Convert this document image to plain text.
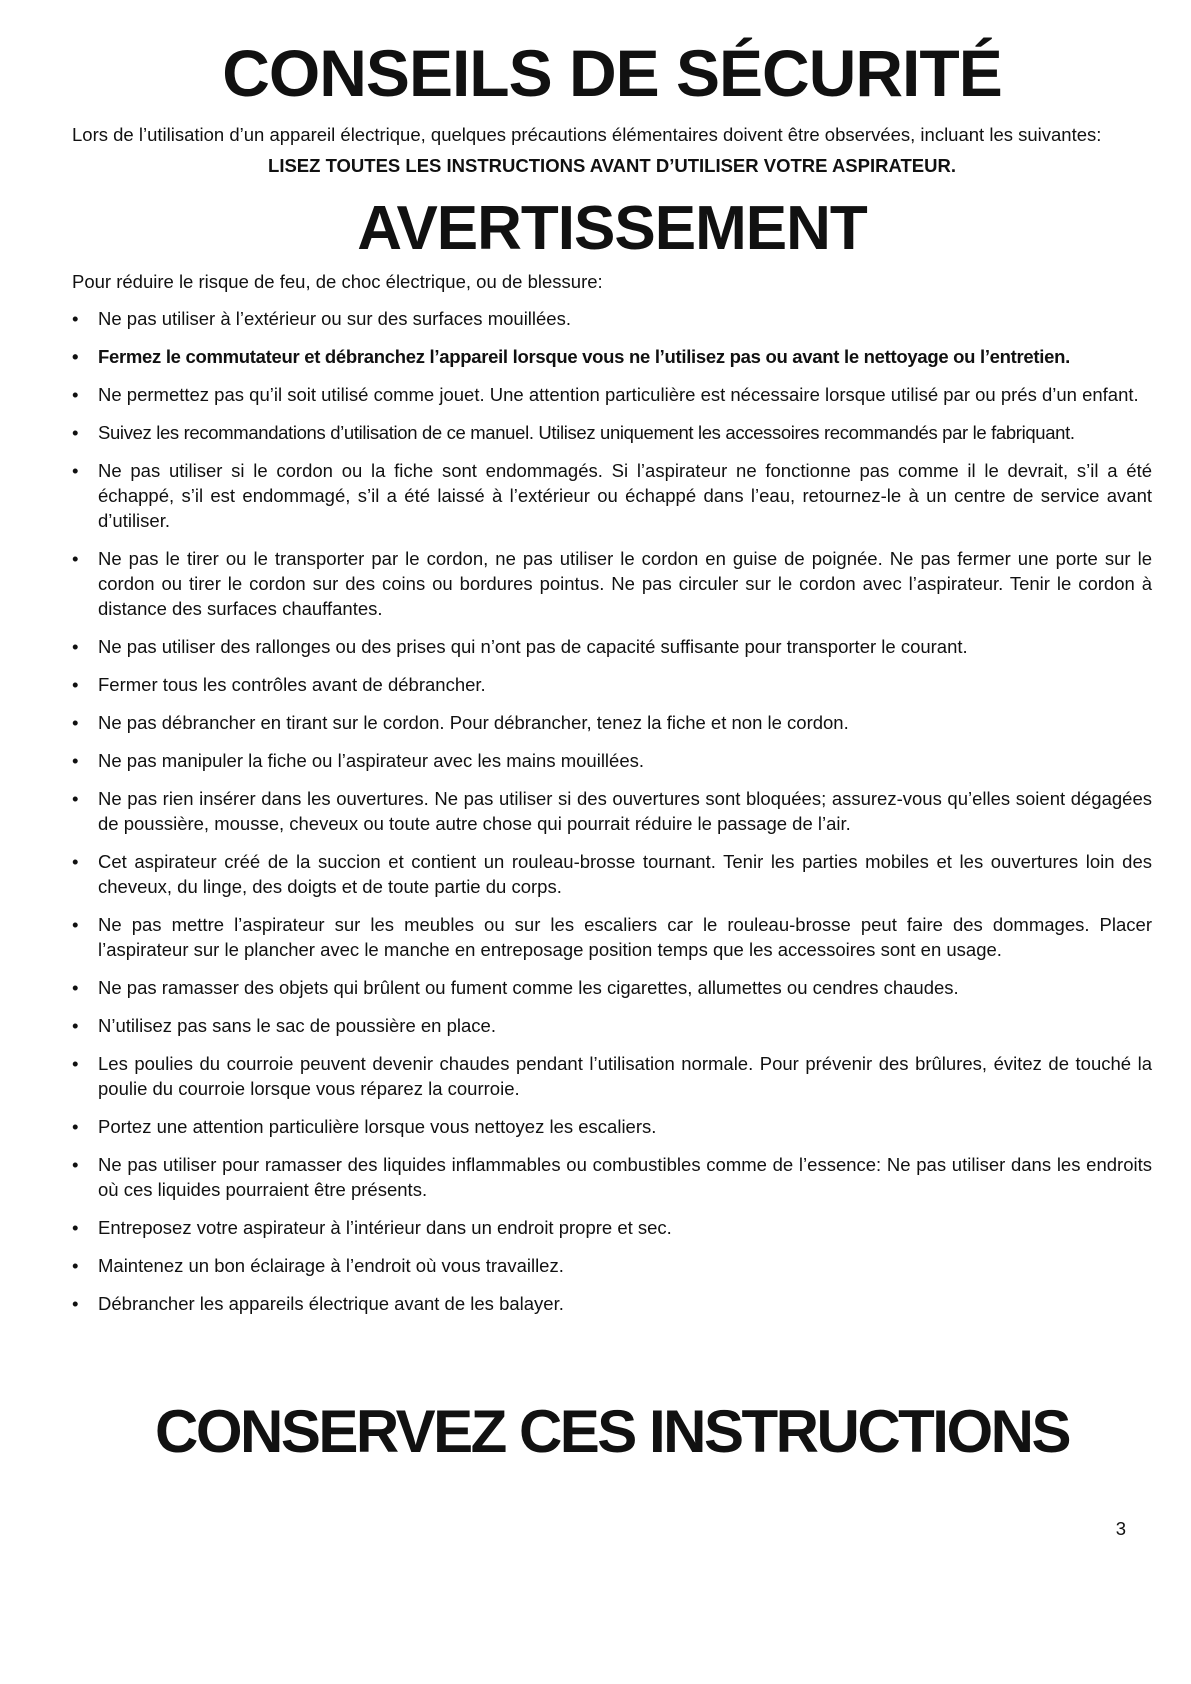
CONSEILS DE SÉCURITÉ
Lors de l’utilisation d’un appareil électrique, quelques précautions élémentaires doivent être observées, incluant les suivantes:
LISEZ TOUTES LES INSTRUCTIONS AVANT D’UTILISER VOTRE ASPIRATEUR.
AVERTISSEMENT
Pour réduire le risque de feu, de choc électrique, ou de blessure:
•	Ne pas utiliser à l’extérieur ou sur des surfaces mouillées.
•	Fermez le commutateur et débranchez l’appareil lorsque vous ne l’utilisez pas ou avant le nettoyage ou l’entretien.
•	Ne permettez pas qu’il soit utilisé comme jouet. Une attention particulière est nécessaire lorsque utilisé par ou prés d’un enfant.
•	Suivez les recommandations d’utilisation de ce manuel. Utilisez uniquement les accessoires recommandés par le fabriquant.
•	Ne pas utiliser si le cordon ou la fiche sont endommagés. Si l’aspirateur ne fonctionne pas comme il le devrait, s’il a été échappé, s’il est endommagé, s’il a été laissé à l’extérieur ou échappé dans l’eau, retournez-le à un centre de service avant d’utiliser.
•	Ne pas le tirer ou le transporter par le cordon, ne pas utiliser le cordon en guise de poignée. Ne pas fermer une porte sur le cordon ou tirer le cordon sur des coins ou bordures pointus. Ne pas circuler sur le cordon avec l’aspirateur. Tenir le cordon à distance des surfaces chauffantes.
•	Ne pas utiliser des rallonges ou des prises qui n’ont pas de capacité suffisante pour transporter le courant.
•	Fermer tous les contrôles avant de débrancher.
•	Ne pas débrancher en tirant sur le cordon. Pour débrancher, tenez la fiche et non le cordon.
•	Ne pas manipuler la fiche ou l’aspirateur avec les mains mouillées.
•	Ne pas rien insérer dans les ouvertures. Ne pas utiliser si des ouvertures sont bloquées; assurez-vous qu’elles soient dégagées de poussière, mousse, cheveux ou toute autre chose qui pourrait réduire le passage de l’air.
•	Cet aspirateur créé de la succion et contient un rouleau-brosse tournant. Tenir les parties mobiles et les ouvertures loin des cheveux, du linge, des doigts et de toute partie du corps.
•	Ne pas mettre l’aspirateur sur les meubles ou sur les escaliers car le rouleau-brosse peut faire des dommages. Placer l’aspirateur sur le plancher avec le manche en entreposage position temps que les accessoires sont en usage.
•	Ne pas ramasser des objets qui brûlent ou fument comme les cigarettes, allumettes ou cendres chaudes.
•	N’utilisez pas sans le sac de poussière en place.
•	Les poulies du courroie peuvent devenir chaudes pendant l’utilisation normale. Pour prévenir des brûlures, évitez de touché la poulie du courroie lorsque vous réparez la courroie.
•	Portez une attention particulière lorsque vous nettoyez les escaliers.
•	Ne pas utiliser pour ramasser des liquides inflammables ou combustibles comme de l’essence: Ne pas utiliser dans les endroits où ces liquides pourraient être présents.
•	Entreposez votre aspirateur à l’intérieur dans un endroit propre et sec.
•	Maintenez un bon éclairage à l’endroit où vous travaillez.
•	Débrancher les appareils électrique avant de les balayer.
CONSERVEZ CES INSTRUCTIONS
3
